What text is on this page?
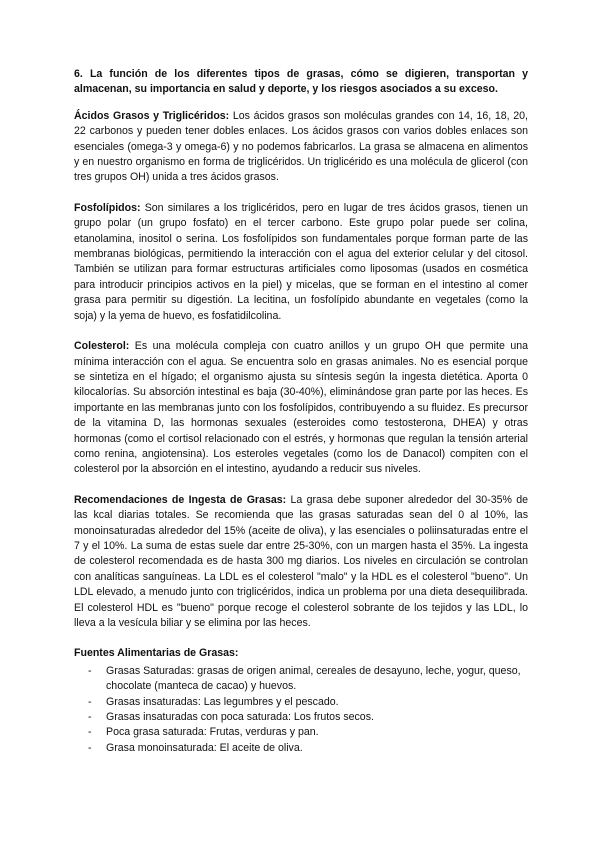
6. La función de los diferentes tipos de grasas, cómo se digieren, transportan y almacenan, su importancia en salud y deporte, y los riesgos asociados a su exceso.

Ácidos Grasos y Triglicéridos: Los ácidos grasos son moléculas grandes con 14, 16, 18, 20, 22 carbonos y pueden tener dobles enlaces. Los ácidos grasos con varios dobles enlaces son esenciales (omega-3 y omega-6) y no podemos fabricarlos. La grasa se almacena en alimentos y en nuestro organismo en forma de triglicéridos. Un triglicérido es una molécula de glicerol (con tres grupos OH) unida a tres ácidos grasos.

Fosfolípidos: Son similares a los triglicéridos, pero en lugar de tres ácidos grasos, tienen un grupo polar (un grupo fosfato) en el tercer carbono. Este grupo polar puede ser colina, etanolamina, inositol o serina. Los fosfolípidos son fundamentales porque forman parte de las membranas biológicas, permitiendo la interacción con el agua del exterior celular y del citosol. También se utilizan para formar estructuras artificiales como liposomas (usados en cosmética para introducir principios activos en la piel) y micelas, que se forman en el intestino al comer grasa para permitir su digestión. La lecitina, un fosfolípido abundante en vegetales (como la soja) y la yema de huevo, es fosfatidilcolina.

Colesterol: Es una molécula compleja con cuatro anillos y un grupo OH que permite una mínima interacción con el agua. Se encuentra solo en grasas animales. No es esencial porque se sintetiza en el hígado; el organismo ajusta su síntesis según la ingesta dietética. Aporta 0 kilocalorías. Su absorción intestinal es baja (30-40%), eliminándose gran parte por las heces. Es importante en las membranas junto con los fosfolípidos, contribuyendo a su fluidez. Es precursor de la vitamina D, las hormonas sexuales (esteroides como testosterona, DHEA) y otras hormonas (como el cortisol relacionado con el estrés, y hormonas que regulan la tensión arterial como renina, angiotensina). Los esteroles vegetales (como los de Danacol) compiten con el colesterol por la absorción en el intestino, ayudando a reducir sus niveles.

Recomendaciones de Ingesta de Grasas: La grasa debe suponer alrededor del 30-35% de las kcal diarias totales. Se recomienda que las grasas saturadas sean del 0 al 10%, las monoinsaturadas alrededor del 15% (aceite de oliva), y las esenciales o poliinsaturadas entre el 7 y el 10%. La suma de estas suele dar entre 25-30%, con un margen hasta el 35%. La ingesta de colesterol recomendada es de hasta 300 mg diarios. Los niveles en circulación se controlan con analíticas sanguíneas. La LDL es el colesterol "malo" y la HDL es el colesterol "bueno". Un LDL elevado, a menudo junto con triglicéridos, indica un problema por una dieta desequilibrada. El colesterol HDL es "bueno" porque recoge el colesterol sobrante de los tejidos y las LDL, lo lleva a la vesícula biliar y se elimina por las heces.

Fuentes Alimentarias de Grasas:
- Grasas Saturadas: grasas de origen animal, cereales de desayuno, leche, yogur, queso, chocolate (manteca de cacao) y huevos.
- Grasas insaturadas: Las legumbres y el pescado.
- Grasas insaturadas con poca saturada: Los frutos secos.
- Poca grasa saturada: Frutas, verduras y pan.
- Grasa monoinsaturada: El aceite de oliva.
